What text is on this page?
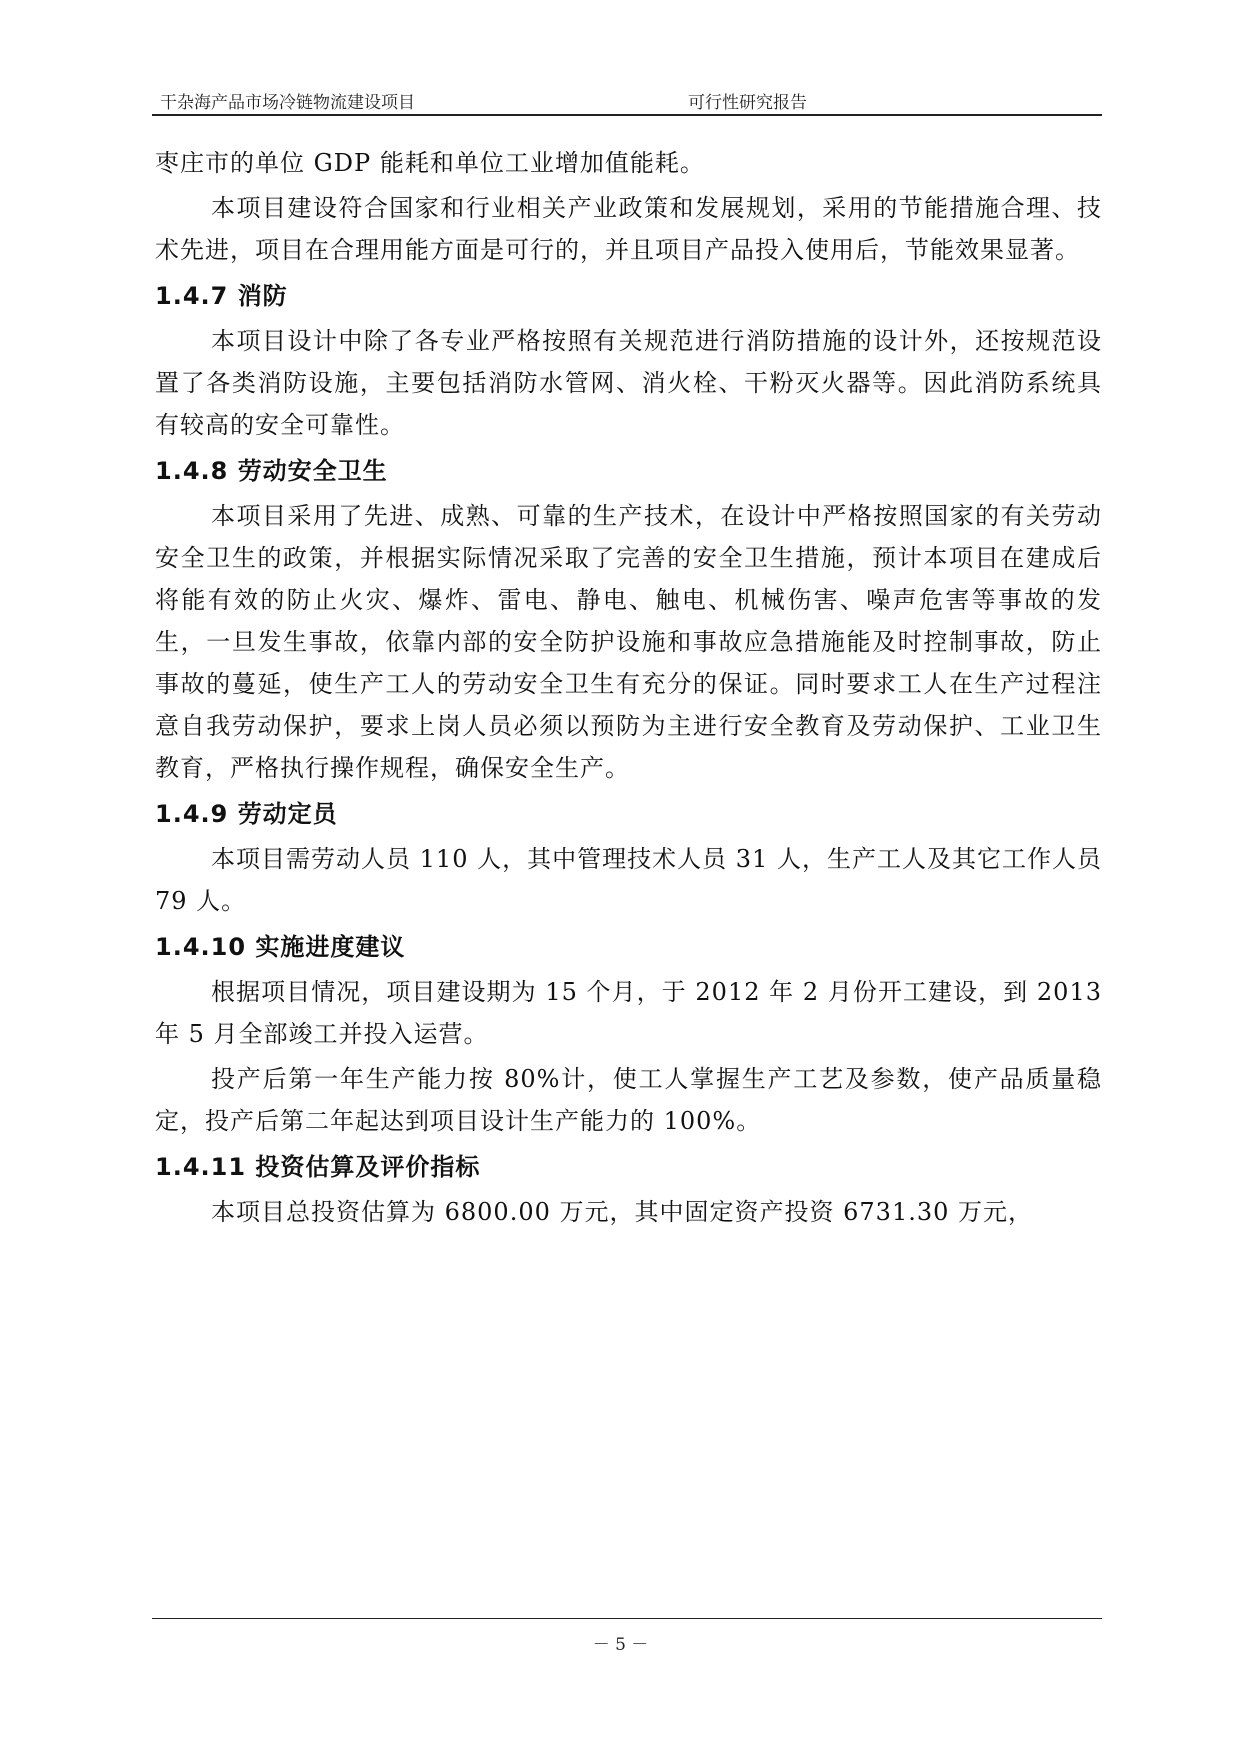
干杂海产品市场冷链物流建设项目	可行性研究报告

枣庄市的单位 GDP 能耗和单位工业增加值能耗。

本项目建设符合国家和行业相关产业政策和发展规划，采用的节能措施合理、技术先进，项目在合理用能方面是可行的，并且项目产品投入使用后，节能效果显著。

1.4.7 消防

本项目设计中除了各专业严格按照有关规范进行消防措施的设计外，还按规范设置了各类消防设施，主要包括消防水管网、消火栓、干粉灭火器等。因此消防系统具有较高的安全可靠性。

1.4.8 劳动安全卫生

本项目采用了先进、成熟、可靠的生产技术，在设计中严格按照国家的有关劳动安全卫生的政策，并根据实际情况采取了完善的安全卫生措施，预计本项目在建成后将能有效的防止火灾、爆炸、雷电、静电、触电、机械伤害、噪声危害等事故的发生，一旦发生事故，依靠内部的安全防护设施和事故应急措施能及时控制事故，防止事故的蔓延，使生产工人的劳动安全卫生有充分的保证。同时要求工人在生产过程注意自我劳动保护，要求上岗人员必须以预防为主进行安全教育及劳动保护、工业卫生教育，严格执行操作规程，确保安全生产。

1.4.9 劳动定员

本项目需劳动人员 110 人，其中管理技术人员 31 人，生产工人及其它工作人员 79 人。

1.4.10 实施进度建议

根据项目情况，项目建设期为 15 个月，于 2012 年 2 月份开工建设，到 2013 年 5 月全部竣工并投入运营。

投产后第一年生产能力按 80%计，使工人掌握生产工艺及参数，使产品质量稳定，投产后第二年起达到项目设计生产能力的 100%。

1.4.11 投资估算及评价指标

本项目总投资估算为 6800.00 万元，其中固定资产投资 6731.30 万元，

－ 5 －
